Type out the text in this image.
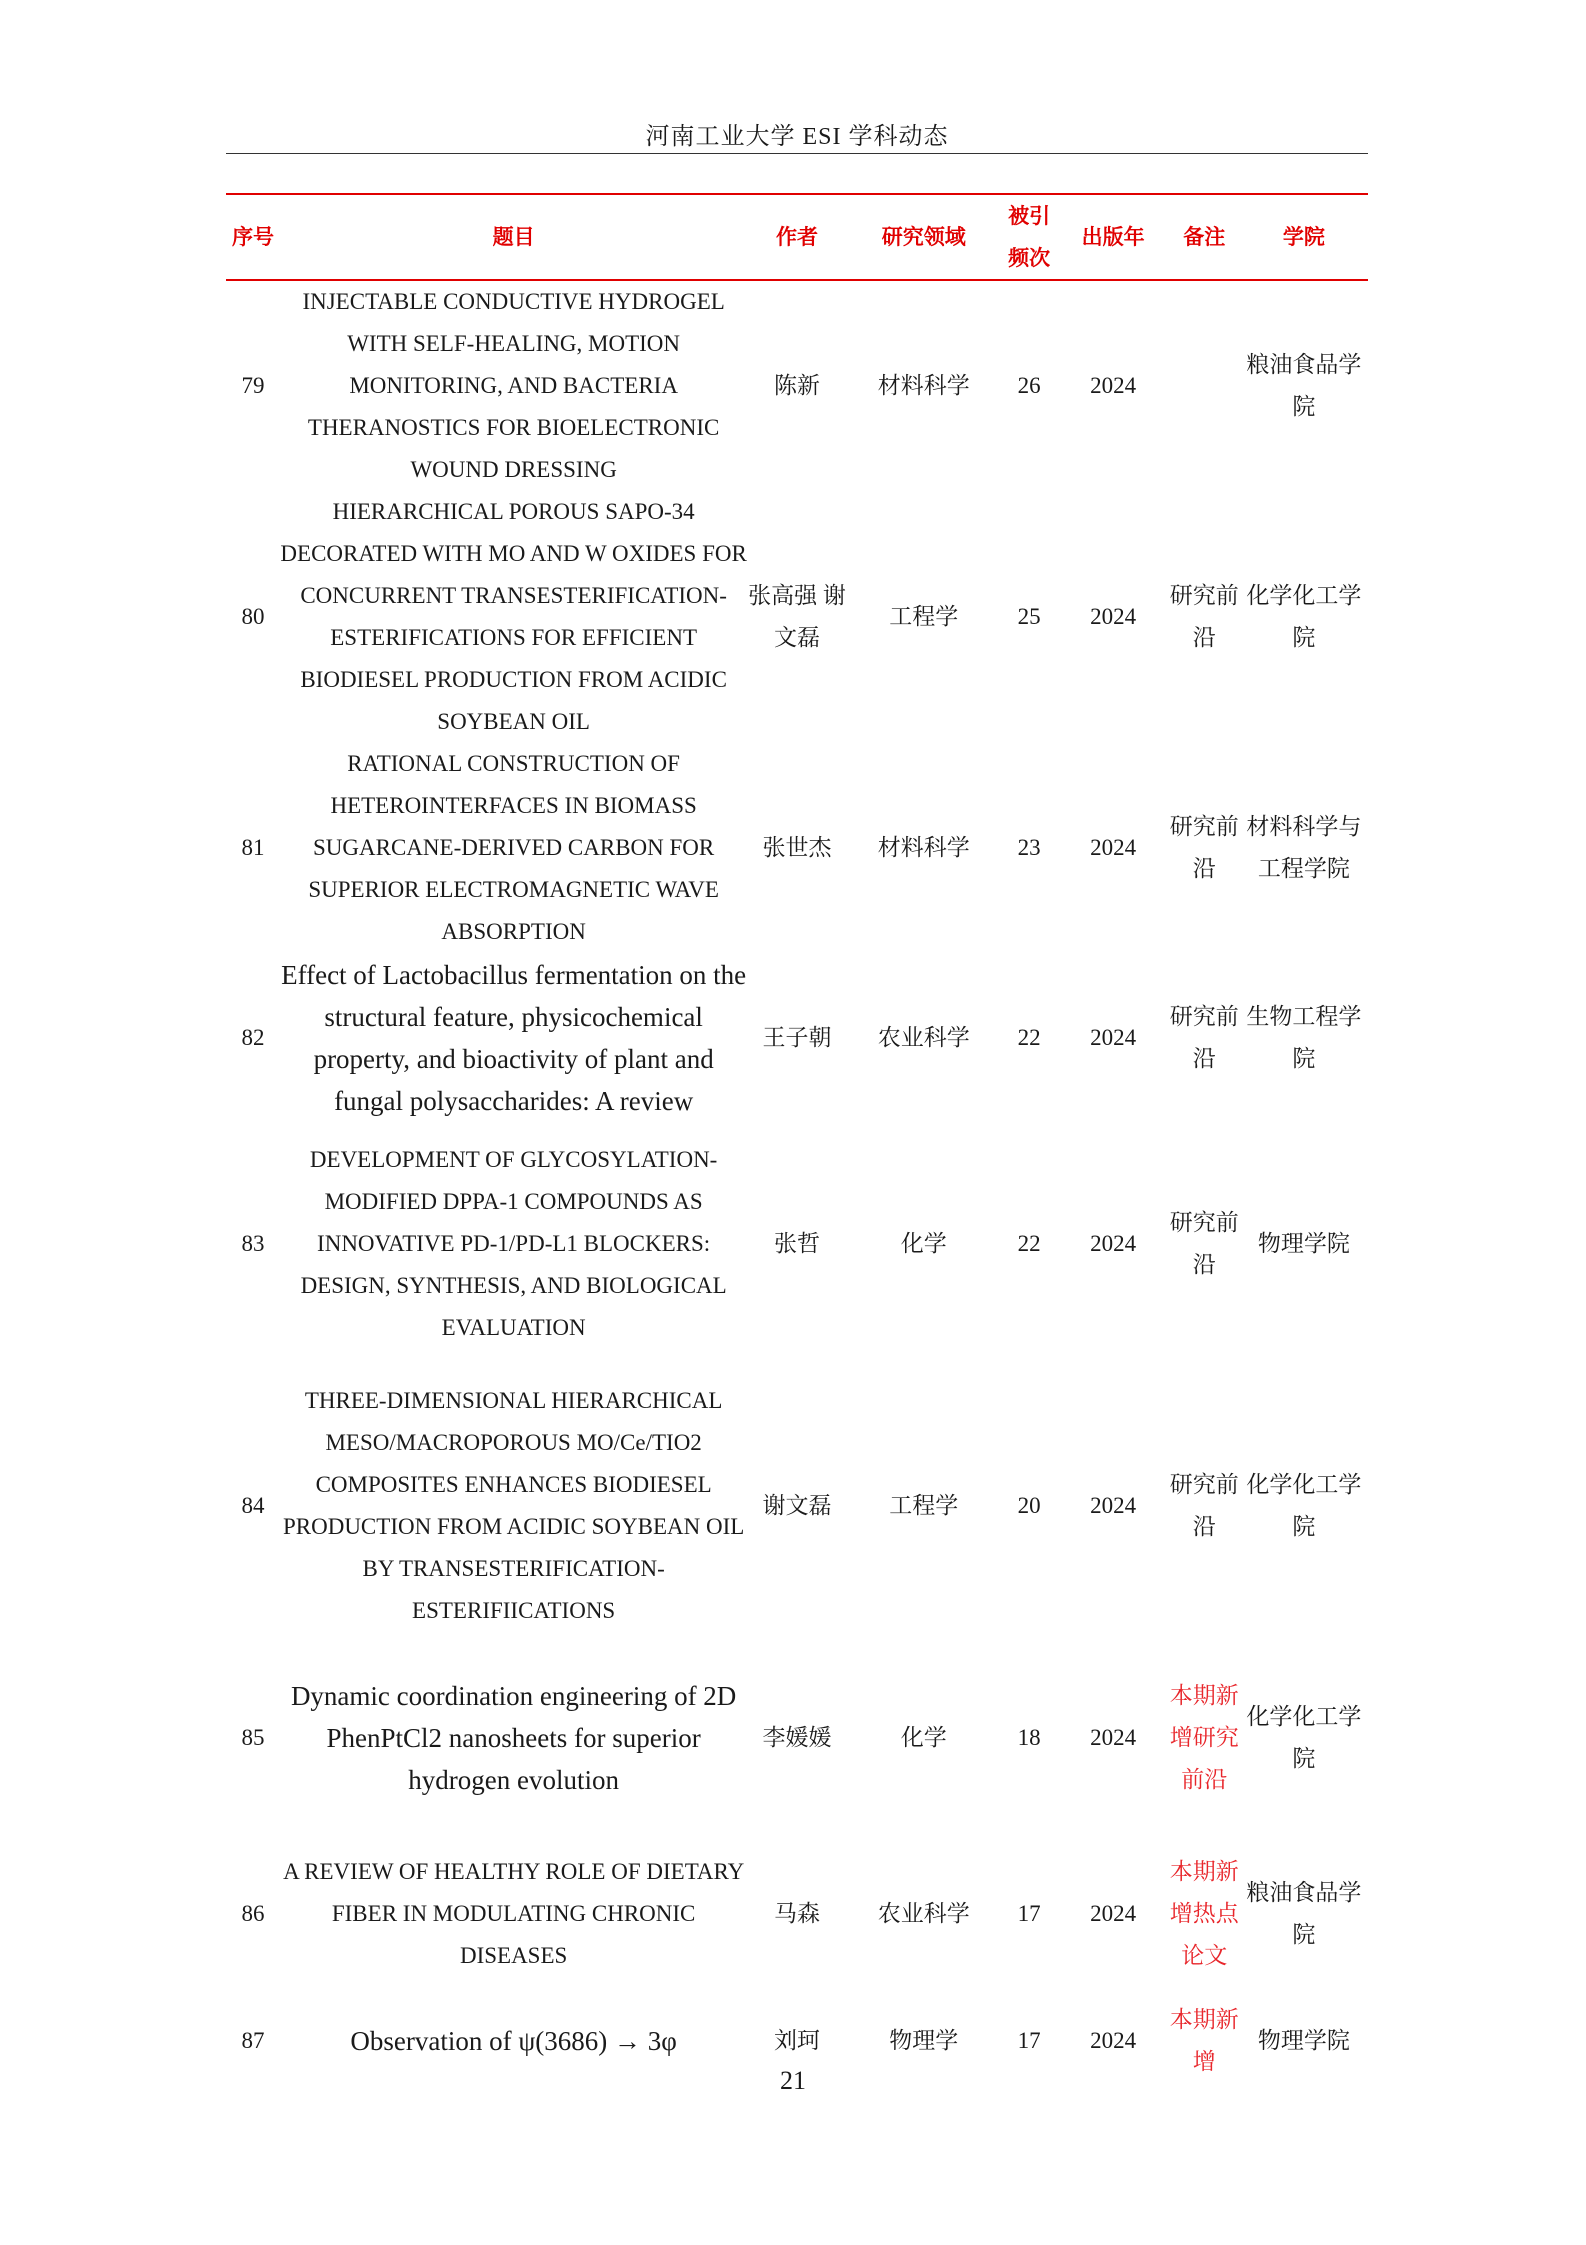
河南工业大学 ESI 学科动态
序号	题目	作者	研究领域	被引 频次	出版年	备注	学院
79	INJECTABLE CONDUCTIVE HYDROGEL WITH SELF-HEALING, MOTION MONITORING, AND BACTERIA THERANOSTICS FOR BIOELECTRONIC WOUND DRESSING	陈新	材料科学	26	2024		粮油食品学院
80	HIERARCHICAL POROUS SAPO-34 DECORATED WITH MO AND W OXIDES FOR CONCURRENT TRANSESTERIFICATION-ESTERIFICATIONS FOR EFFICIENT BIODIESEL PRODUCTION FROM ACIDIC SOYBEAN OIL	张高强 谢文磊	工程学	25	2024	研究前沿	化学化工学院
81	RATIONAL CONSTRUCTION OF HETEROINTERFACES IN BIOMASS SUGARCANE-DERIVED CARBON FOR SUPERIOR ELECTROMAGNETIC WAVE ABSORPTION	张世杰	材料科学	23	2024	研究前沿	材料科学与工程学院
82	Effect of Lactobacillus fermentation on the structural feature, physicochemical property, and bioactivity of plant and fungal polysaccharides: A review	王子朝	农业科学	22	2024	研究前沿	生物工程学院
83	DEVELOPMENT OF GLYCOSYLATION-MODIFIED DPPA-1 COMPOUNDS AS INNOVATIVE PD-1/PD-L1 BLOCKERS: DESIGN, SYNTHESIS, AND BIOLOGICAL EVALUATION	张哲	化学	22	2024	研究前沿	物理学院
84	THREE-DIMENSIONAL HIERARCHICAL MESO/MACROPOROUS MO/Ce/TIO2 COMPOSITES ENHANCES BIODIESEL PRODUCTION FROM ACIDIC SOYBEAN OIL BY TRANSESTERIFICATION-ESTERIFIICATIONS	谢文磊	工程学	20	2024	研究前沿	化学化工学院
85	Dynamic coordination engineering of 2D PhenPtCl2 nanosheets for superior hydrogen evolution	李媛媛	化学	18	2024	本期新增研究前沿	化学化工学院
86	A REVIEW OF HEALTHY ROLE OF DIETARY FIBER IN MODULATING CHRONIC DISEASES	马森	农业科学	17	2024	本期新增热点论文	粮油食品学院
87	Observation of ψ(3686) → 3φ	刘珂	物理学	17	2024	本期新增	物理学院
21
